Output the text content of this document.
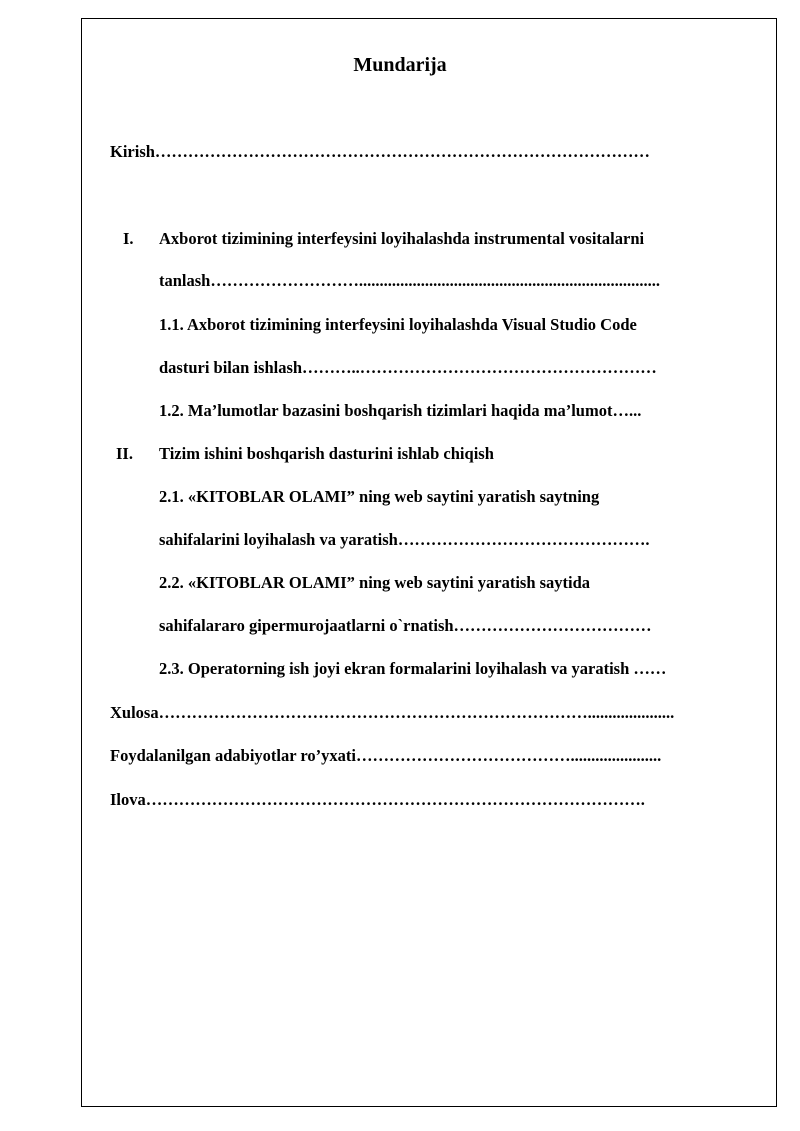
Mundarija
Kirish………………………………………………………………………………
I. Axborot tizimining interfeysini loyihalashda instrumental vositalarni
tanlash……………………….........................................................................
1.1. Axborot tizimining interfeysini loyihalashda Visual Studio Code
dasturi bilan ishlash………..………………………………………………
1.2. Ma’lumotlar bazasini boshqarish tizimlari haqida ma’lumot…...
II. Tizim ishini boshqarish dasturini ishlab chiqish
2.1. «KITOBLAR OLAMI” ning web saytini yaratish saytning
sahifalarini loyihalash va yaratish……………………………………….
2.2. «KITOBLAR OLAMI” ning web saytini yaratish saytida
sahifalararo gipermurojaatlarni o`rnatish………………………………
2.3. Operatorning ish joyi ekran formalarini loyihalash va yaratish ……
Xulosa…………………………………………………………………….....................
Foydalanilgan adabiyotlar ro’yxati…………………………………......................
Ilova……………………………………………………………………………….
